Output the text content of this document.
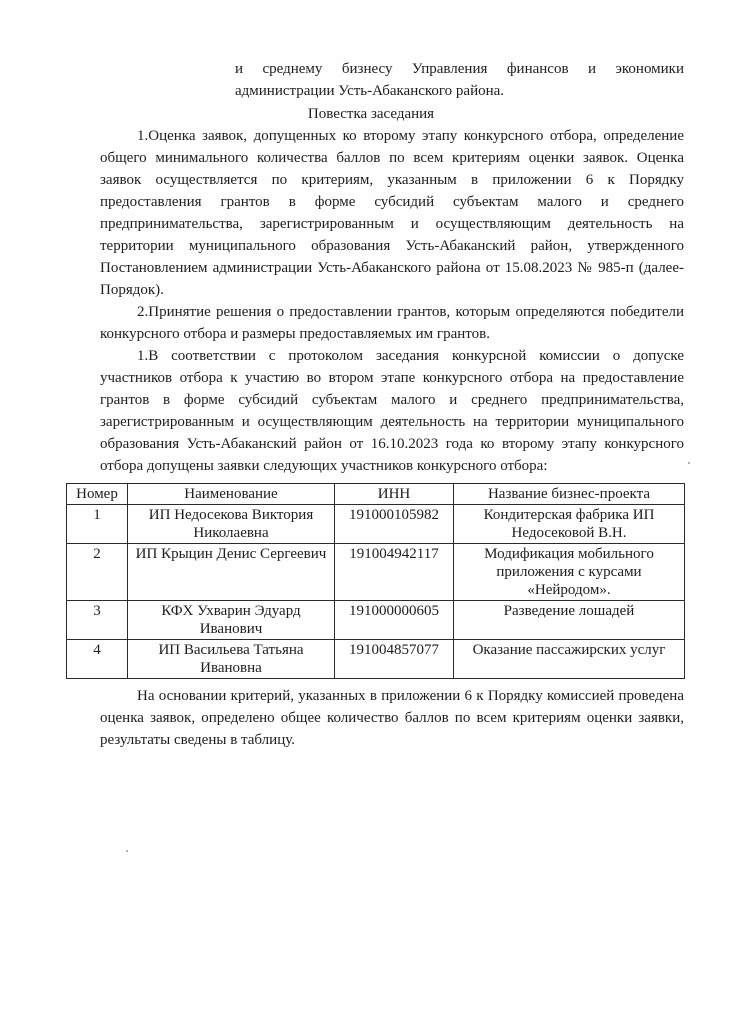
и среднему бизнесу Управления финансов и экономики администрации Усть-Абаканского района.
Повестка заседания

1.Оценка заявок, допущенных ко второму этапу конкурсного отбора, определение общего минимального количества баллов по всем критериям оценки заявок. Оценка заявок осуществляется по критериям, указанным в приложении 6 к Порядку предоставления грантов в форме субсидий субъектам малого и среднего предпринимательства, зарегистрированным и осуществляющим деятельность на территории муниципального образования Усть-Абаканский район, утвержденного Постановлением администрации Усть-Абаканского района от 15.08.2023 № 985-п (далее-Порядок).

2.Принятие решения о предоставлении грантов, которым определяются победители конкурсного отбора и размеры предоставляемых им грантов.

1.В соответствии с протоколом заседания конкурсной комиссии о допуске участников отбора к участию во втором этапе конкурсного отбора на предоставление грантов в форме субсидий субъектам малого и среднего предпринимательства, зарегистрированным и осуществляющим деятельность на территории муниципального образования Усть-Абаканский район от 16.10.2023 года ко второму этапу конкурсного отбора допущены заявки следующих участников конкурсного отбора:

Номер	Наименование	ИНН	Название бизнес-проекта
1	ИП Недосекова Виктория Николаевна	191000105982	Кондитерская фабрика ИП Недосековой В.Н.
2	ИП Крыцин Денис Сергеевич	191004942117	Модификация мобильного приложения с курсами «Нейродом».
3	КФХ Ухварин Эдуард Иванович	191000000605	Разведение лошадей
4	ИП Васильева Татьяна Ивановна	191004857077	Оказание пассажирских услуг

На основании критерий, указанных в приложении 6 к Порядку комиссией проведена оценка заявок, определено общее количество баллов по всем критериям оценки заявки, результаты сведены в таблицу.
